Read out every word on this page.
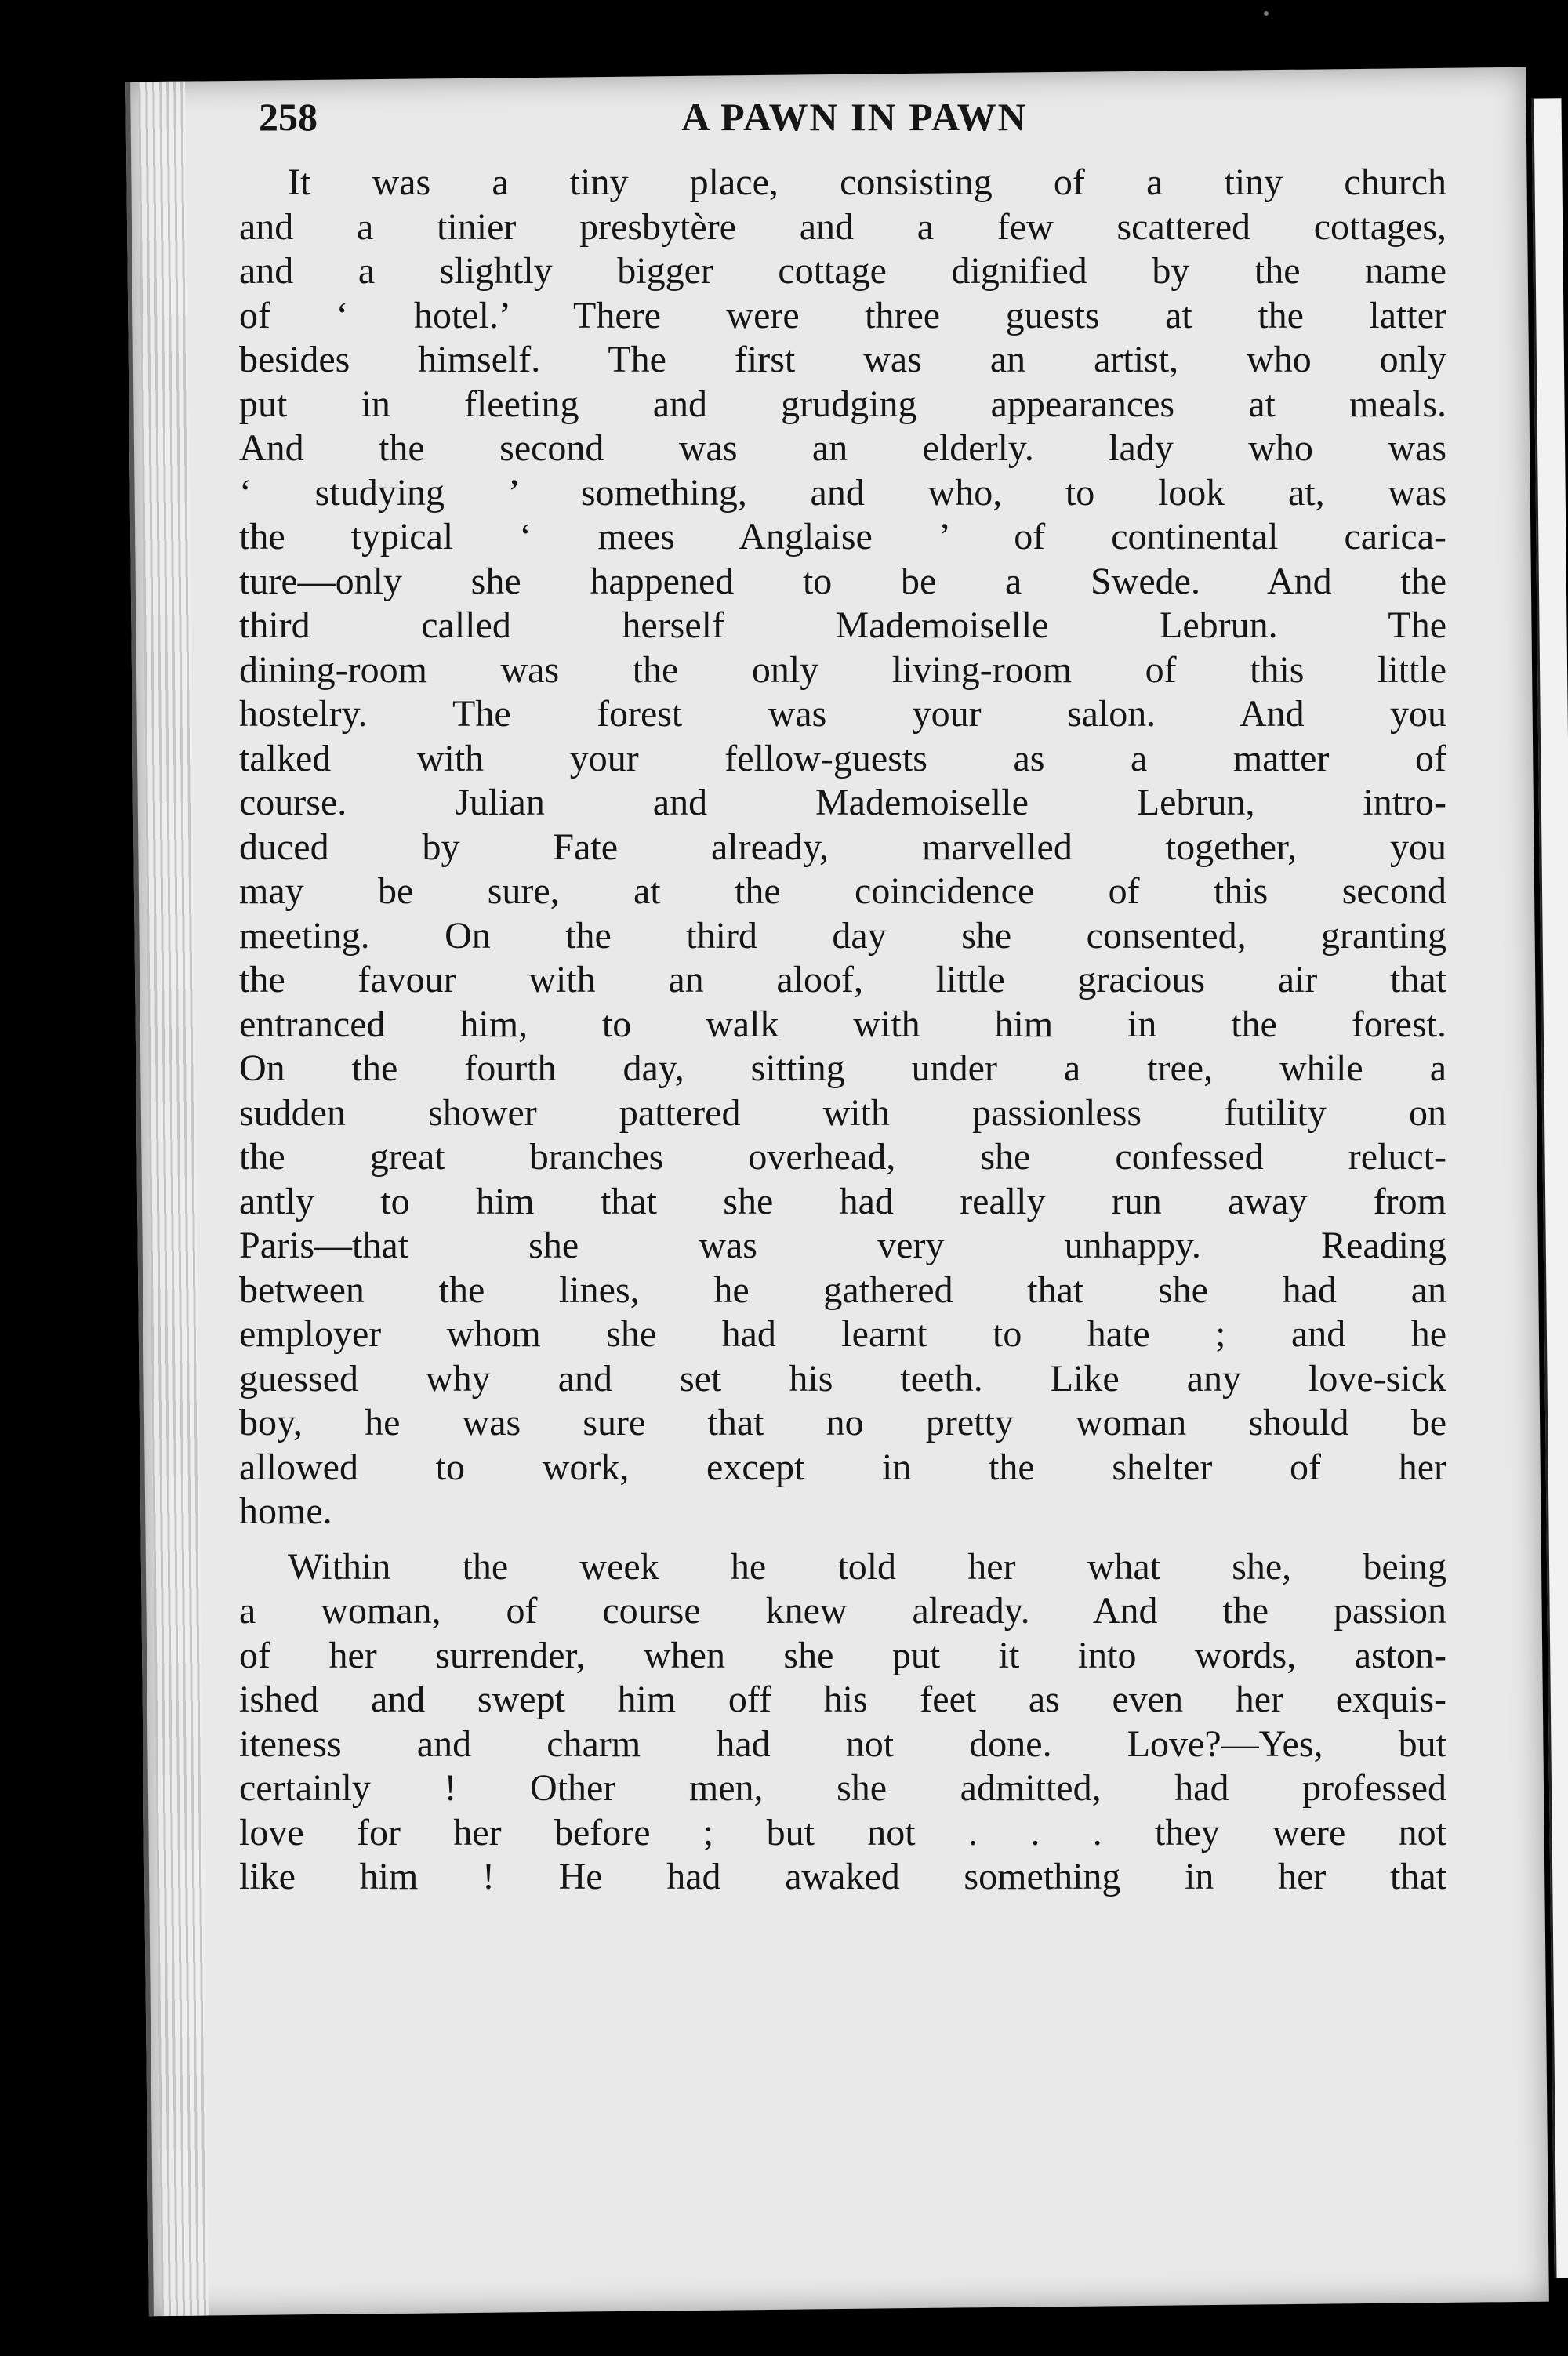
258	A PAWN IN PAWN

It was a tiny place, consisting of a tiny church
and a tinier presbytère and a few scattered cottages,
and a slightly bigger cottage dignified by the name
of ‘ hotel.’ There were three guests at the latter
besides himself. The first was an artist, who only
put in fleeting and grudging appearances at meals.
And the second was an elderly. lady who was
‘ studying ’ something, and who, to look at, was
the typical ‘ mees Anglaise ’ of continental carica-
ture—only she happened to be a Swede. And the
third called herself Mademoiselle Lebrun. The
dining-room was the only living-room of this little
hostelry. The forest was your salon. And you
talked with your fellow-guests as a matter of
course. Julian and Mademoiselle Lebrun, intro-
duced by Fate already, marvelled together, you
may be sure, at the coincidence of this second
meeting. On the third day she consented, granting
the favour with an aloof, little gracious air that
entranced him, to walk with him in the forest.
On the fourth day, sitting under a tree, while a
sudden shower pattered with passionless futility on
the great branches overhead, she confessed reluct-
antly to him that she had really run away from
Paris—that she was very unhappy. Reading
between the lines, he gathered that she had an
employer whom she had learnt to hate ; and he
guessed why and set his teeth. Like any love-sick
boy, he was sure that no pretty woman should be
allowed to work, except in the shelter of her
home.

Within the week he told her what she, being
a woman, of course knew already. And the passion
of her surrender, when she put it into words, aston-
ished and swept him off his feet as even her exquis-
iteness and charm had not done. Love?—Yes, but
certainly ! Other men, she admitted, had professed
love for her before ; but not . . . they were not
like him ! He had awaked something in her that
